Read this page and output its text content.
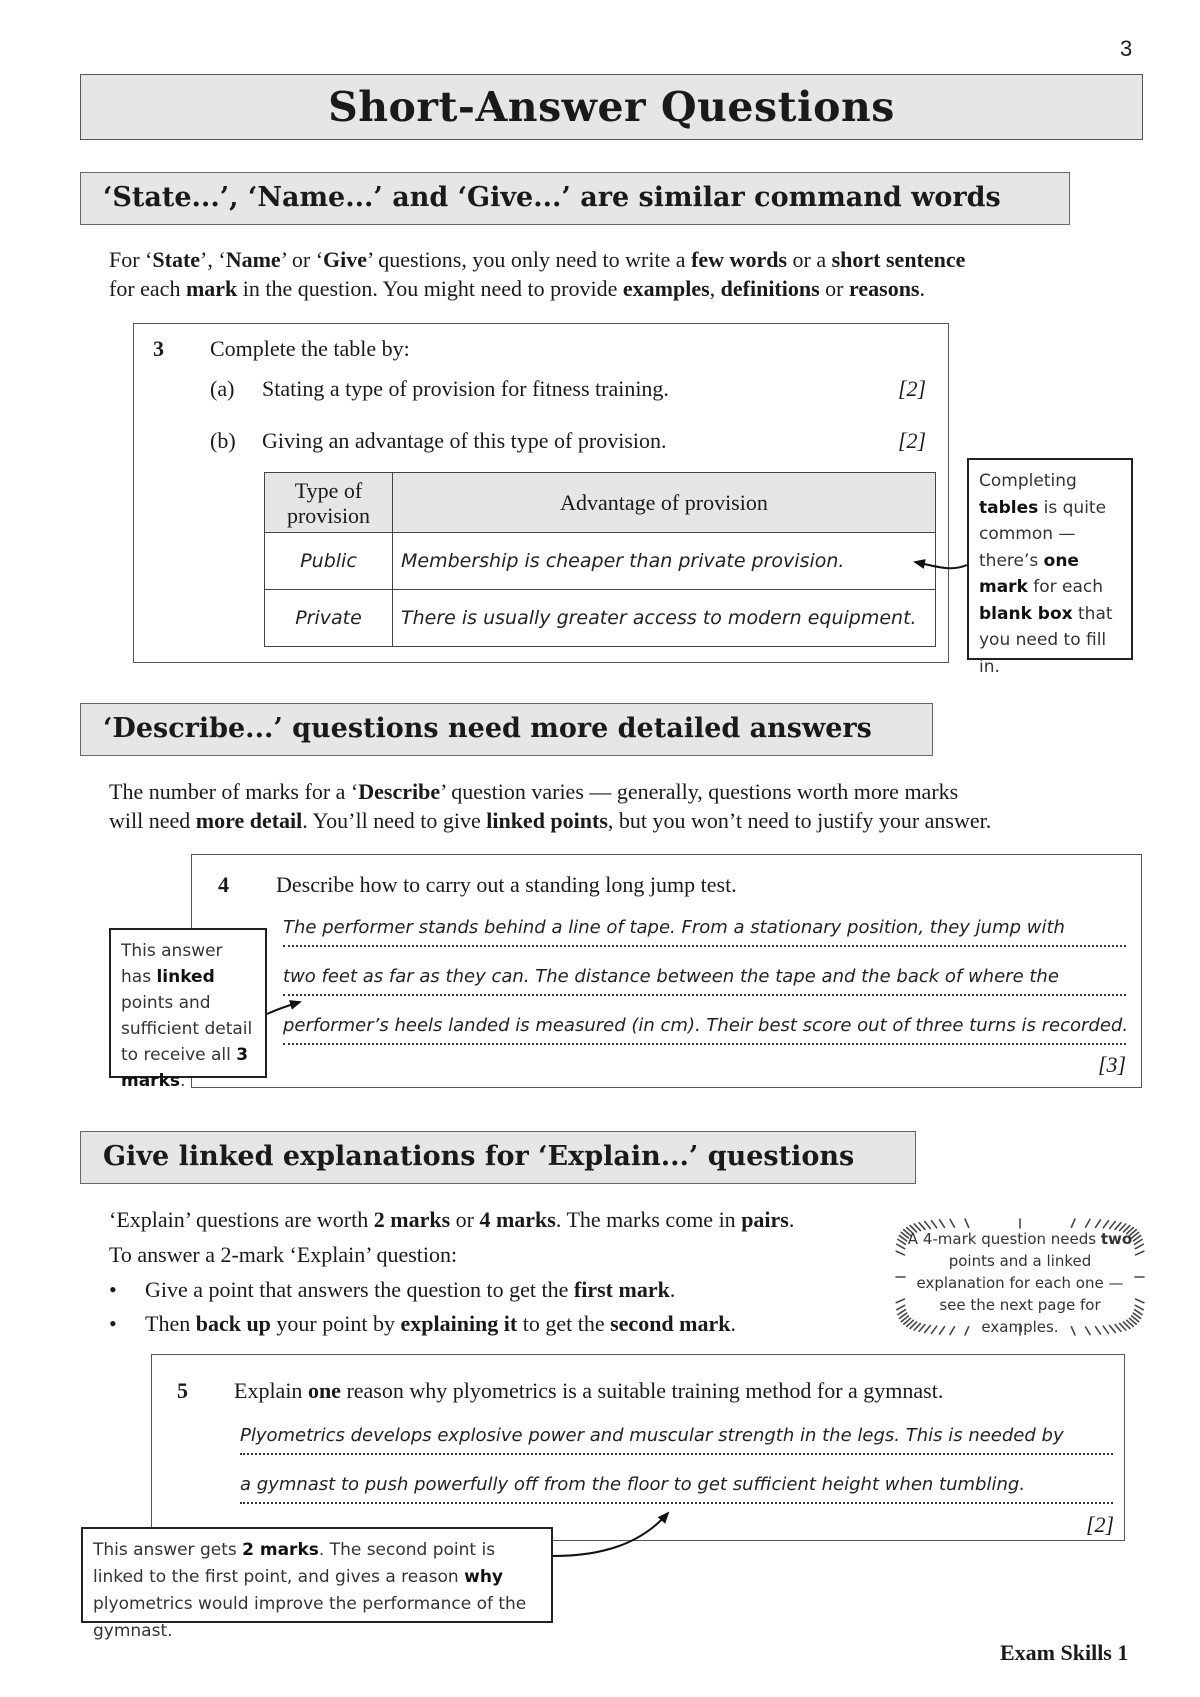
3
Short-Answer Questions
‘State...’, ‘Name...’ and ‘Give...’ are similar command words
For ‘State’, ‘Name’ or ‘Give’ questions, you only need to write a few words or a short sentence
for each mark in the question. You might need to provide examples, definitions or reasons.
3 Complete the table by:
(a) Stating a type of provision for fitness training.	[2]
(b) Giving an advantage of this type of provision.	[2]
Type of provision	Advantage of provision
Public	Membership is cheaper than private provision.
Private	There is usually greater access to modern equipment.
Completing tables is quite common — there’s one mark for each blank box that you need to fill in.
‘Describe...’ questions need more detailed answers
The number of marks for a ‘Describe’ question varies — generally, questions worth more marks
will need more detail. You’ll need to give linked points, but you won’t need to justify your answer.
4 Describe how to carry out a standing long jump test.
The performer stands behind a line of tape. From a stationary position, they jump with
two feet as far as they can. The distance between the tape and the back of where the
performer’s heels landed is measured (in cm). Their best score out of three turns is recorded.
[3]
This answer has linked points and sufficient detail to receive all 3 marks.
Give linked explanations for ‘Explain...’ questions
‘Explain’ questions are worth 2 marks or 4 marks. The marks come in pairs.
To answer a 2-mark ‘Explain’ question:
• Give a point that answers the question to get the first mark.
• Then back up your point by explaining it to get the second mark.
A 4-mark question needs two points and a linked explanation for each one — see the next page for examples.
5 Explain one reason why plyometrics is a suitable training method for a gymnast.
Plyometrics develops explosive power and muscular strength in the legs. This is needed by
a gymnast to push powerfully off from the floor to get sufficient height when tumbling.
[2]
This answer gets 2 marks. The second point is linked to the first point, and gives a reason why plyometrics would improve the performance of the gymnast.
Exam Skills 1
